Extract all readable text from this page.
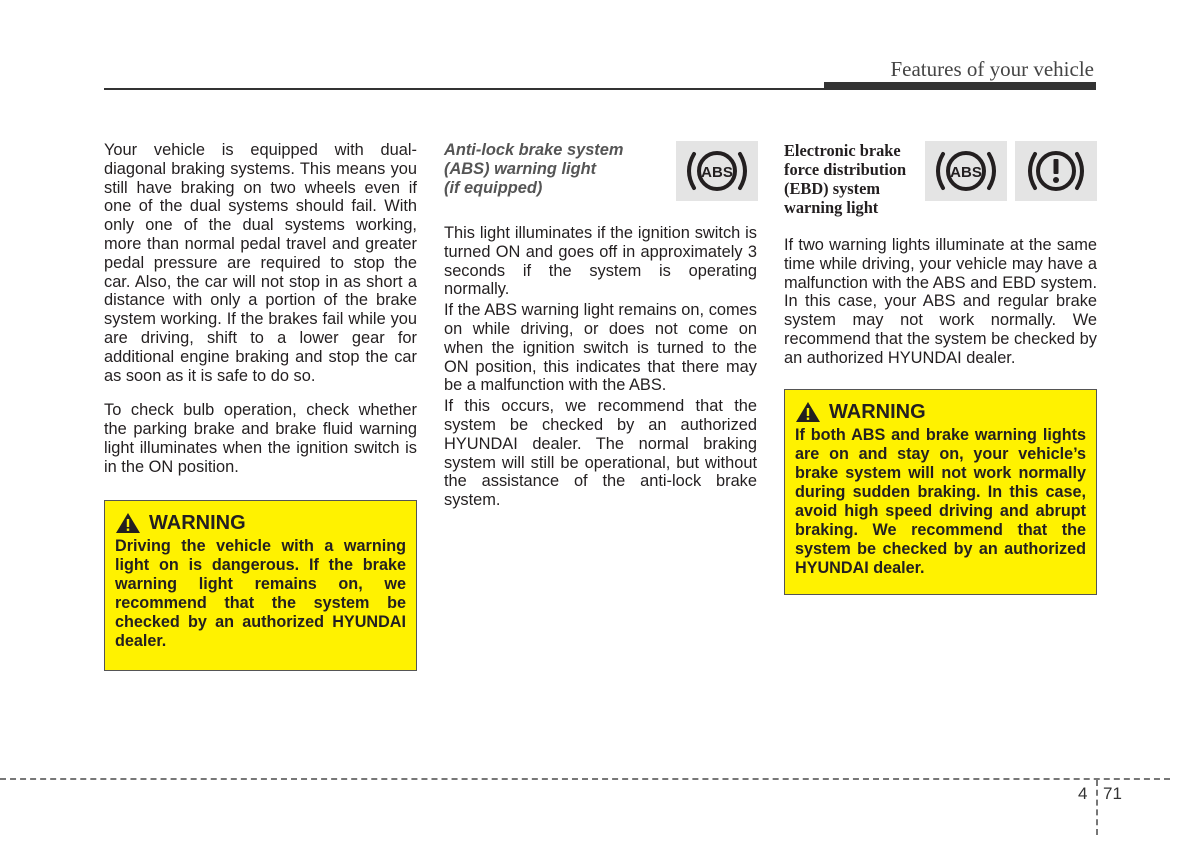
Features of your vehicle

Your vehicle is equipped with dual-diagonal braking systems. This means you still have braking on two wheels even if one of the dual systems should fail. With only one of the dual systems working, more than normal pedal travel and greater pedal pressure are required to stop the car. Also, the car will not stop in as short a distance with only a portion of the brake system working. If the brakes fail while you are driving, shift to a lower gear for additional engine braking and stop the car as soon as it is safe to do so.

To check bulb operation, check whether the parking brake and brake fluid warning light illuminates when the ignition switch is in the ON position.

WARNING

Driving the vehicle with a warning light on is dangerous. If the brake warning light remains on, we recommend that the system be checked by an authorized HYUNDAI dealer.

Anti-lock brake system
(ABS) warning light
(if equipped)
ABS

This light illuminates if the ignition switch is turned ON and goes off in approximately 3 seconds if the system is operating normally.

If the ABS warning light remains on, comes on while driving, or does not come on when the ignition switch is turned to the ON position, this indicates that there may be a malfunction with the ABS.

If this occurs, we recommend that the system be checked by an authorized HYUNDAI dealer. The normal braking system will still be operational, but without the assistance of the anti-lock brake system.

Electronic brake
force distribution
(EBD) system
warning light
ABS

If two warning lights illuminate at the same time while driving, your vehicle may have a malfunction with the ABS and EBD system. In this case, your ABS and regular brake system may not work normally. We recommend that the system be checked by an authorized HYUNDAI dealer.

WARNING

If both ABS and brake warning lights are on and stay on, your vehicle’s brake system will not work normally during sudden braking. In this case, avoid high speed driving and abrupt braking. We recommend that the system be checked by an authorized HYUNDAI dealer.

4 71
